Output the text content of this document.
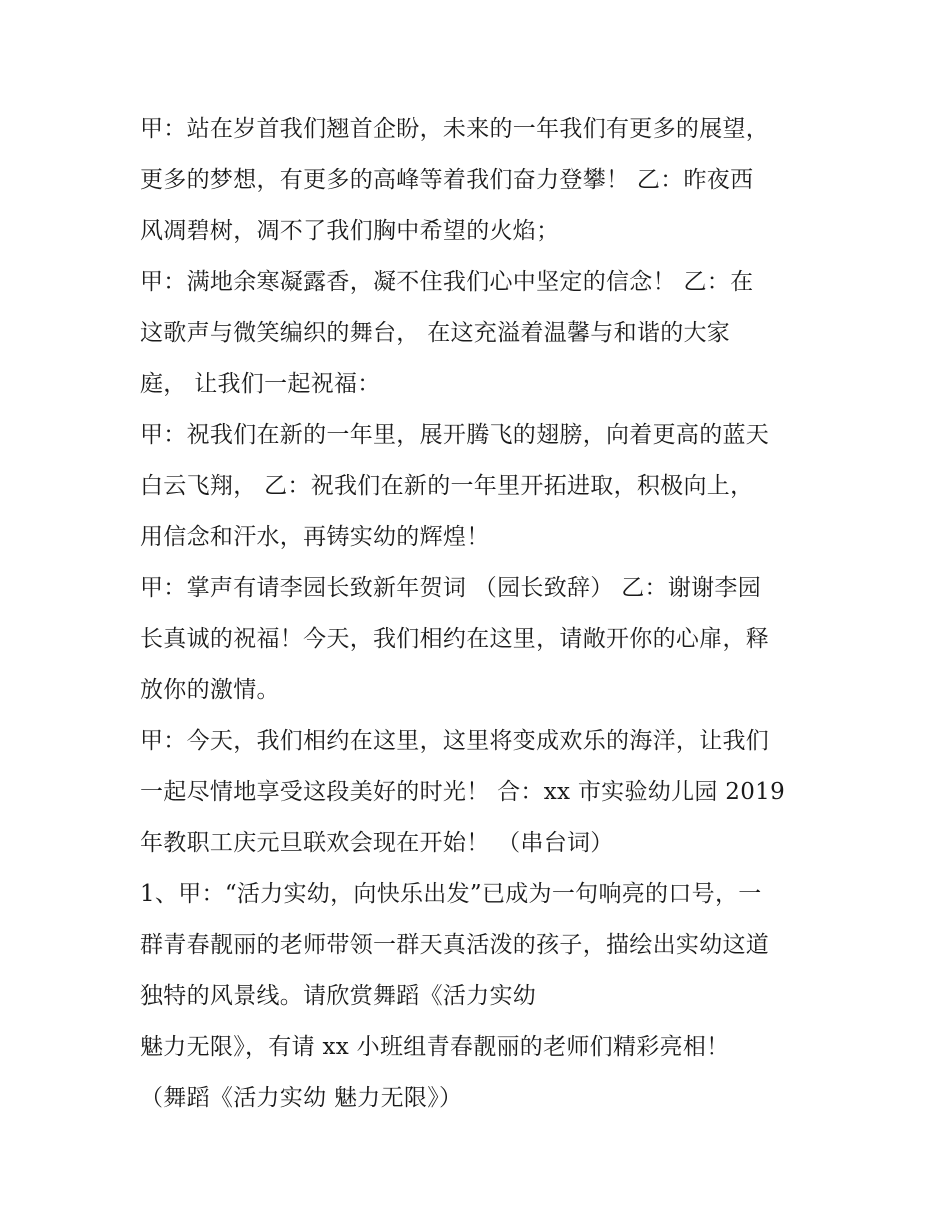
甲：站在岁首我们翘首企盼，未来的一年我们有更多的展望，
更多的梦想，有更多的高峰等着我们奋力登攀！ 乙：昨夜西
风凋碧树，凋不了我们胸中希望的火焰；
甲：满地余寒凝露香，凝不住我们心中坚定的信念！ 乙：在
这歌声与微笑编织的舞台， 在这充溢着温馨与和谐的大家
庭， 让我们一起祝福：
甲：祝我们在新的一年里，展开腾飞的翅膀，向着更高的蓝天
白云飞翔， 乙：祝我们在新的一年里开拓进取，积极向上，
用信念和汗水，再铸实幼的辉煌！
甲：掌声有请李园长致新年贺词 （园长致辞） 乙：谢谢李园
长真诚的祝福！今天，我们相约在这里，请敞开你的心扉，释
放你的激情。
甲：今天，我们相约在这里，这里将变成欢乐的海洋，让我们
一起尽情地享受这段美好的时光！ 合：xx 市实验幼儿园 2019
年教职工庆元旦联欢会现在开始！ （串台词）
1、甲：“活力实幼，向快乐出发”已成为一句响亮的口号，一
群青春靓丽的老师带领一群天真活泼的孩子，描绘出实幼这道
独特的风景线。请欣赏舞蹈《活力实幼
魅力无限》，有请 xx 小班组青春靓丽的老师们精彩亮相！
（舞蹈《活力实幼 魅力无限》）
